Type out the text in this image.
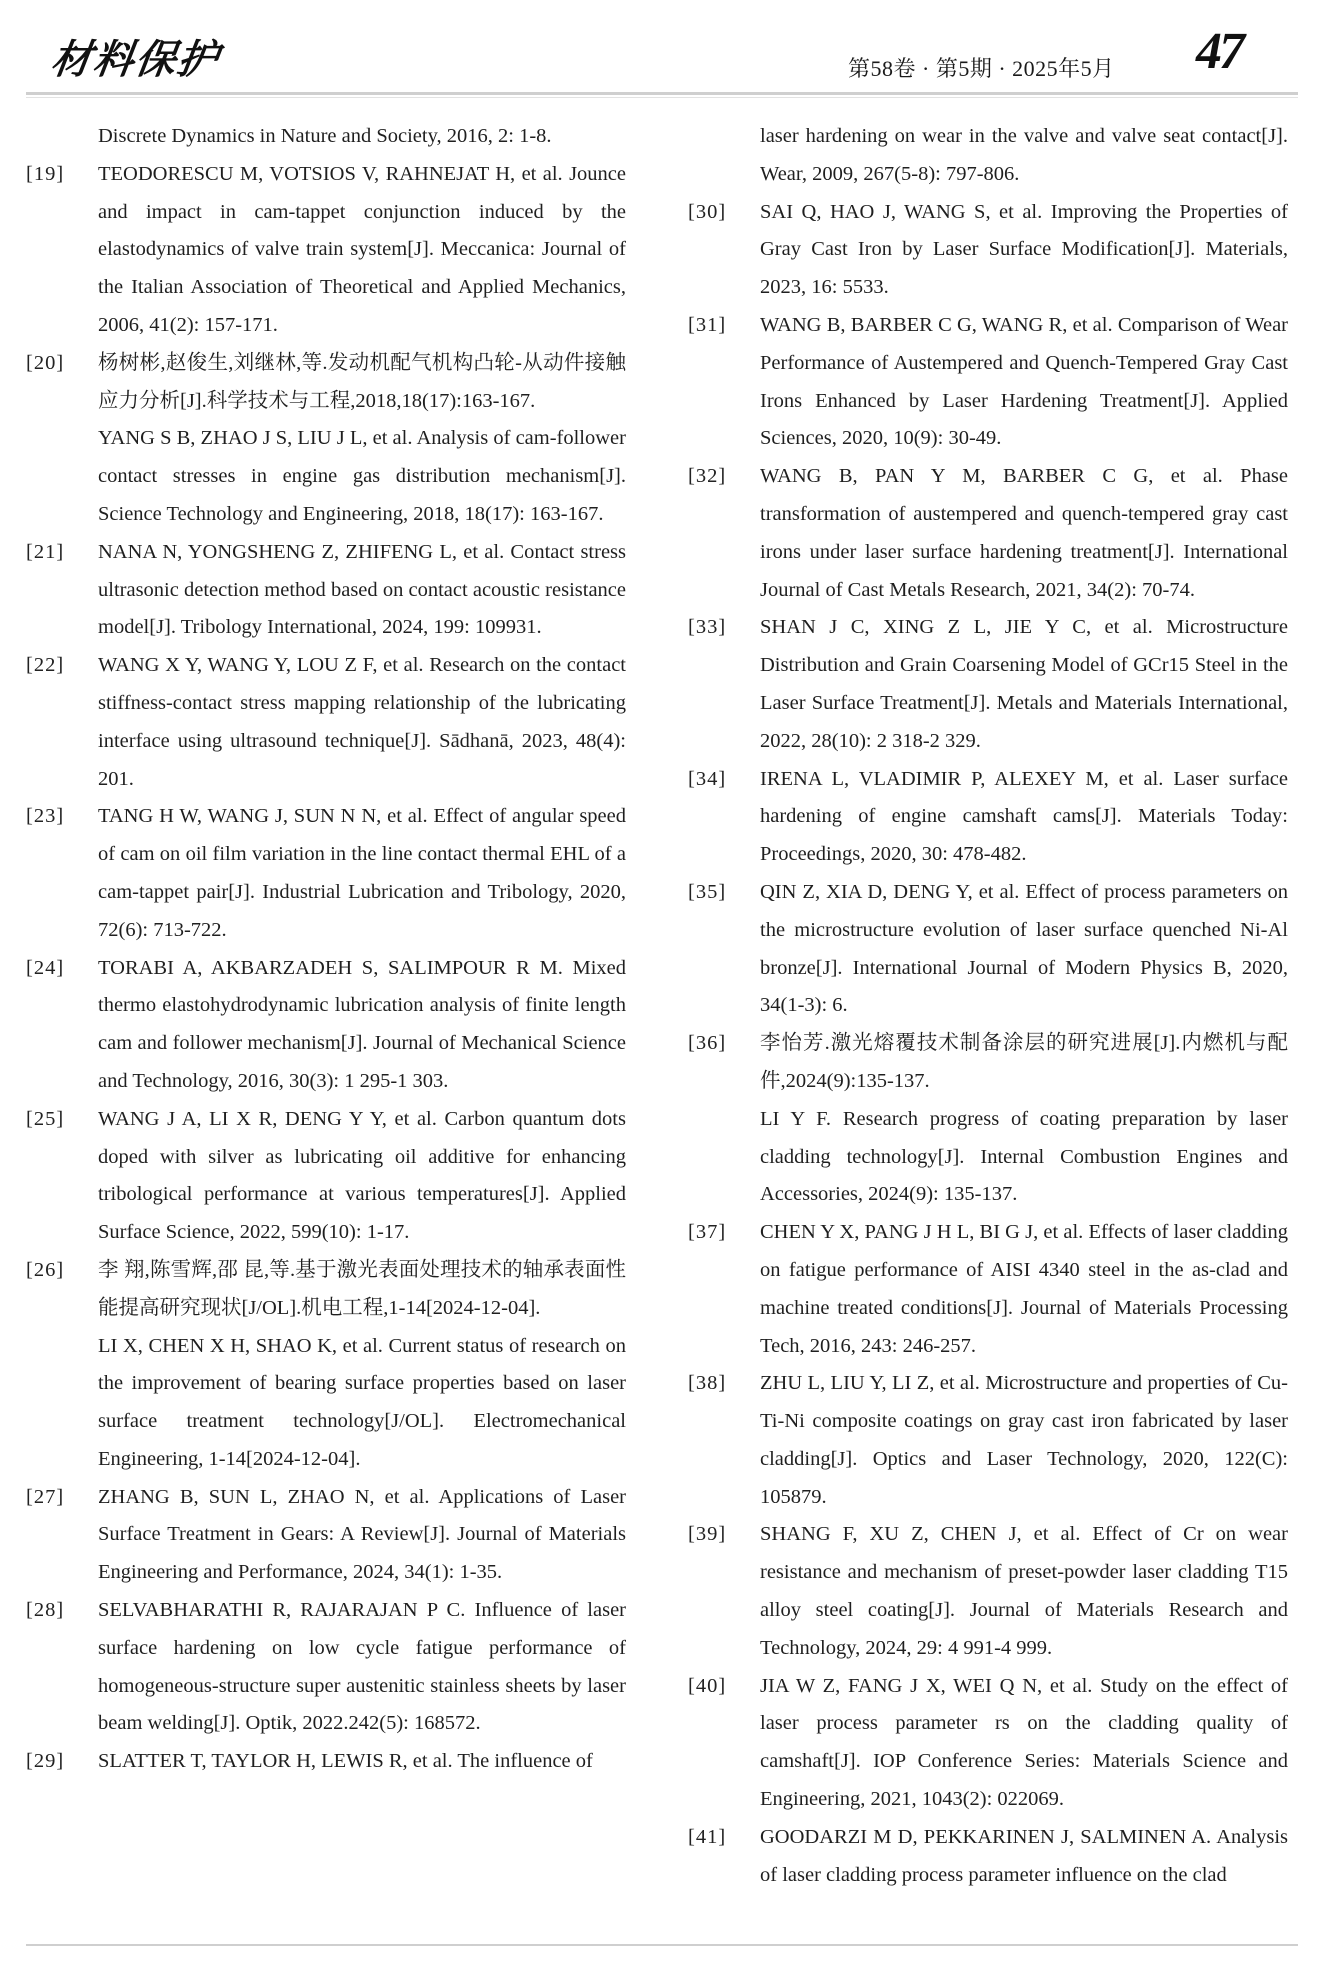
材料保护	第58卷 · 第5期 · 2025年5月 47
Discrete Dynamics in Nature and Society, 2016, 2: 1-8.
[19]	TEODORESCU M, VOTSIOS V, RAHNEJAT H, et al. Jounce and impact in cam-tappet conjunction induced by the elastodynamics of valve train system[J]. Meccanica: Journal of the Italian Association of Theoretical and Applied Mechanics, 2006, 41(2): 157-171.
[20]	杨树彬,赵俊生,刘继林,等.发动机配气机构凸轮-从动件接触应力分析[J].科学技术与工程,2018,18(17):163-167.
YANG S B, ZHAO J S, LIU J L, et al. Analysis of cam-follower contact stresses in engine gas distribution mechanism[J]. Science Technology and Engineering, 2018, 18(17): 163-167.
[21]	NANA N, YONGSHENG Z, ZHIFENG L, et al. Contact stress ultrasonic detection method based on contact acoustic resistance model[J]. Tribology International, 2024, 199: 109931.
[22]	WANG X Y, WANG Y, LOU Z F, et al. Research on the contact stiffness-contact stress mapping relationship of the lubricating interface using ultrasound technique[J]. Sādhanā, 2023, 48(4): 201.
[23]	TANG H W, WANG J, SUN N N, et al. Effect of angular speed of cam on oil film variation in the line contact thermal EHL of a cam-tappet pair[J]. Industrial Lubrication and Tribology, 2020, 72(6): 713-722.
[24]	TORABI A, AKBARZADEH S, SALIMPOUR R M. Mixed thermo elastohydrodynamic lubrication analysis of finite length cam and follower mechanism[J]. Journal of Mechanical Science and Technology, 2016, 30(3): 1 295-1 303.
[25]	WANG J A, LI X R, DENG Y Y, et al. Carbon quantum dots doped with silver as lubricating oil additive for enhancing tribological performance at various temperatures[J]. Applied Surface Science, 2022, 599(10): 1-17.
[26]	李 翔,陈雪辉,邵 昆,等.基于激光表面处理技术的轴承表面性能提高研究现状[J/OL].机电工程,1-14[2024-12-04].
LI X, CHEN X H, SHAO K, et al. Current status of research on the improvement of bearing surface properties based on laser surface treatment technology[J/OL]. Electromechanical Engineering, 1-14[2024-12-04].
[27]	ZHANG B, SUN L, ZHAO N, et al. Applications of Laser Surface Treatment in Gears: A Review[J]. Journal of Materials Engineering and Performance, 2024, 34(1): 1-35.
[28]	SELVABHARATHI R, RAJARAJAN P C. Influence of laser surface hardening on low cycle fatigue performance of homogeneous-structure super austenitic stainless sheets by laser beam welding[J]. Optik, 2022.242(5): 168572.
[29]	SLATTER T, TAYLOR H, LEWIS R, et al. The influence of
laser hardening on wear in the valve and valve seat contact[J]. Wear, 2009, 267(5-8): 797-806.
[30]	SAI Q, HAO J, WANG S, et al. Improving the Properties of Gray Cast Iron by Laser Surface Modification[J]. Materials, 2023, 16: 5533.
[31]	WANG B, BARBER C G, WANG R, et al. Comparison of Wear Performance of Austempered and Quench-Tempered Gray Cast Irons Enhanced by Laser Hardening Treatment[J]. Applied Sciences, 2020, 10(9): 30-49.
[32]	WANG B, PAN Y M, BARBER C G, et al. Phase transformation of austempered and quench-tempered gray cast irons under laser surface hardening treatment[J]. International Journal of Cast Metals Research, 2021, 34(2): 70-74.
[33]	SHAN J C, XING Z L, JIE Y C, et al. Microstructure Distribution and Grain Coarsening Model of GCr15 Steel in the Laser Surface Treatment[J]. Metals and Materials International, 2022, 28(10): 2 318-2 329.
[34]	IRENA L, VLADIMIR P, ALEXEY M, et al. Laser surface hardening of engine camshaft cams[J]. Materials Today: Proceedings, 2020, 30: 478-482.
[35]	QIN Z, XIA D, DENG Y, et al. Effect of process parameters on the microstructure evolution of laser surface quenched Ni-Al bronze[J]. International Journal of Modern Physics B, 2020, 34(1-3): 6.
[36]	李怡芳.激光熔覆技术制备涂层的研究进展[J].内燃机与配件,2024(9):135-137.
LI Y F. Research progress of coating preparation by laser cladding technology[J]. Internal Combustion Engines and Accessories, 2024(9): 135-137.
[37]	CHEN Y X, PANG J H L, BI G J, et al. Effects of laser cladding on fatigue performance of AISI 4340 steel in the as-clad and machine treated conditions[J]. Journal of Materials Processing Tech, 2016, 243: 246-257.
[38]	ZHU L, LIU Y, LI Z, et al. Microstructure and properties of Cu-Ti-Ni composite coatings on gray cast iron fabricated by laser cladding[J]. Optics and Laser Technology, 2020, 122(C): 105879.
[39]	SHANG F, XU Z, CHEN J, et al. Effect of Cr on wear resistance and mechanism of preset-powder laser cladding T15 alloy steel coating[J]. Journal of Materials Research and Technology, 2024, 29: 4 991-4 999.
[40]	JIA W Z, FANG J X, WEI Q N, et al. Study on the effect of laser process parameter rs on the cladding quality of camshaft[J]. IOP Conference Series: Materials Science and Engineering, 2021, 1043(2): 022069.
[41]	GOODARZI M D, PEKKARINEN J, SALMINEN A. Analysis of laser cladding process parameter influence on the clad
